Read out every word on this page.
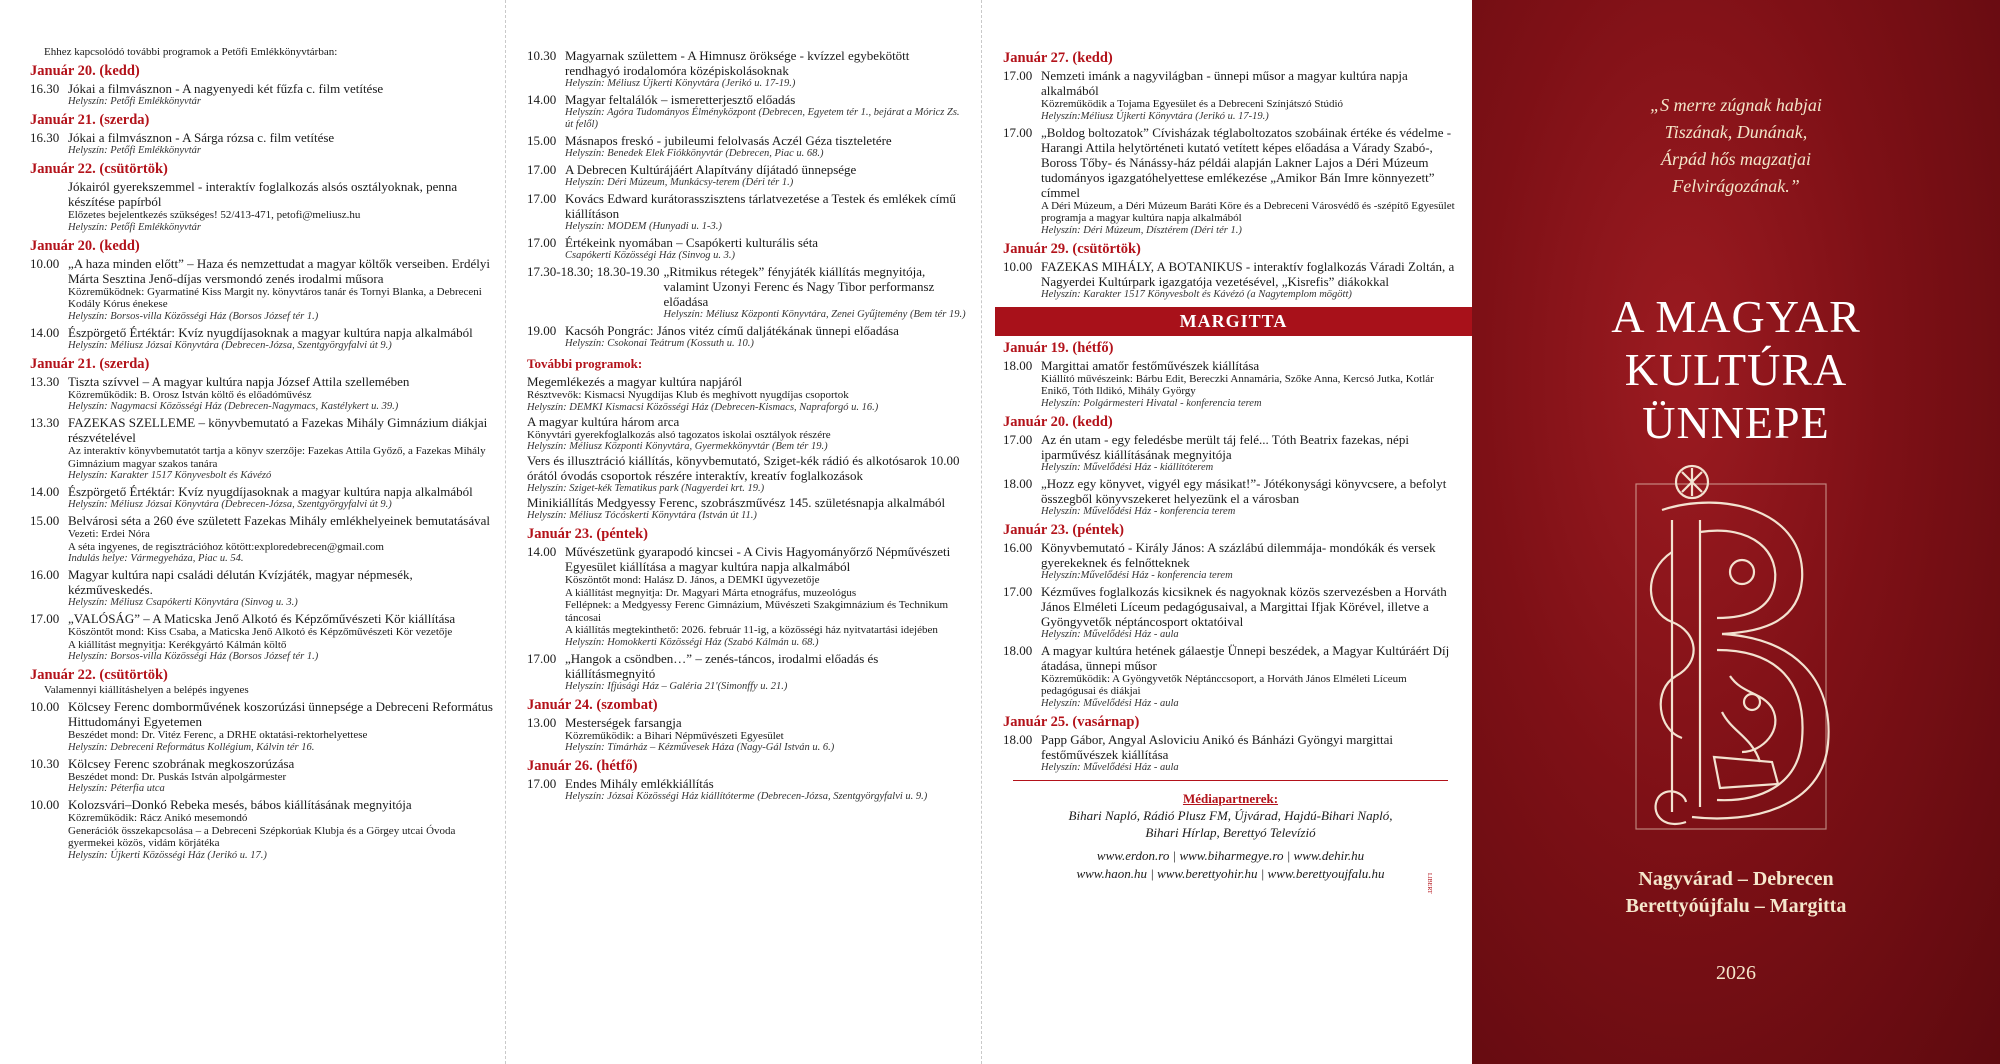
Ehhez kapcsolódó további programok a Petőfi Emlékkönyvtárban:
Január 20. (kedd)
16.30 Jókai a filmvásznon - A nagyenyedi két fűzfa c. film vetítése
Helyszín: Petőfi Emlékkönyvtár
Január 21. (szerda)
16.30 Jókai a filmvásznon - A Sárga rózsa c. film vetítése
Helyszín: Petőfi Emlékkönyvtár
Január 22. (csütörtök)
Jókairól gyerekszemmel - interaktív foglalkozás alsós osztályoknak, penna készítése papírból
Előzetes bejelentkezés szükséges! 52/413-471, petofi@meliusz.hu
Helyszín: Petőfi Emlékkönyvtár
Január 20. (kedd)
10.00 „A haza minden előtt” – Haza és nemzettudat a magyar költők verseiben. Erdélyi Márta Sesztina Jenő-díjas versmondó zenés irodalmi műsora
Közreműködnek: Gyarmatiné Kiss Margit ny. könyvtáros tanár és Tornyi Blanka, a Debreceni Kodály Kórus énekese
Helyszín: Borsos-villa Közösségi Ház (Borsos József tér 1.)
14.00 Észpörgető Értéktár: Kvíz nyugdíjasoknak a magyar kultúra napja alkalmából
Helyszín: Méliusz Józsai Könyvtára (Debrecen-Józsa, Szentgyörgyfalvi út 9.)
Január 21. (szerda)
13.30 Tiszta szívvel – A magyar kultúra napja József Attila szellemében
Közreműködik: B. Orosz István költő és előadóművész
Helyszín: Nagymacsi Közösségi Ház (Debrecen-Nagymacs, Kastélykert u. 39.)
13.30 FAZEKAS SZELLEME – könyvbemutató a Fazekas Mihály Gimnázium diákjai részvételével
Az interaktív könyvbemutatót tartja a könyv szerzője: Fazekas Attila Győző, a Fazekas Mihály Gimnázium magyar szakos tanára
Helyszín: Karakter 1517 Könyvesbolt és Kávézó
14.00 Észpörgető Értéktár: Kvíz nyugdíjasoknak a magyar kultúra napja alkalmából
Helyszín: Méliusz Józsai Könyvtára (Debrecen-Józsa, Szentgyörgyfalvi út 9.)
15.00 Belvárosi séta a 260 éve született Fazekas Mihály emlékhelyeinek bemutatásával
Vezeti: Erdei Nóra
A séta ingyenes, de regisztrációhoz kötött:exploredebrecen@gmail.com
Indulás helye: Vármegyeháza, Piac u. 54.
16.00 Magyar kultúra napi családi délután Kvízjáték, magyar népmesék, kézműveskedés.
Helyszín: Méliusz Csapókerti Könyvtára (Sinvog u. 3.)
17.00 „VALÓSÁG” – A Maticska Jenő Alkotó és Képzőművészeti Kör kiállítása
Köszöntőt mond: Kiss Csaba, a Maticska Jenő Alkotó és Képzőművészeti Kör vezetője
A kiállítást megnyitja: Kerékgyártó Kálmán költő
Helyszín: Borsos-villa Közösségi Ház (Borsos József tér 1.)
Január 22. (csütörtök)
Valamennyi kiállításhelyen a belépés ingyenes
10.00 Kölcsey Ferenc domborművének koszorúzási ünnepsége a Debreceni Református Hittudományi Egyetemen
Beszédet mond: Dr. Vitéz Ferenc, a DRHE oktatási-rektorhelyettese
Helyszín: Debreceni Református Kollégium, Kálvin tér 16.
10.30 Kölcsey Ferenc szobrának megkoszorúzása
Beszédet mond: Dr. Puskás István alpolgármester
Helyszín: Péterfia utca
10.00 Kolozsvári–Donkó Rebeka mesés, bábos kiállításának megnyitója
Közreműködik: Rácz Anikó mesemondó
Generációk összekapcsolása – a Debreceni Szépkorúak Klubja és a Görgey utcai Óvoda gyermekei közös, vidám körjátéka
Helyszín: Újkerti Közösségi Ház (Jerikó u. 17.)
10.30 Magyarnak születtem - A Himnusz öröksége - kvízzel egybekötött rendhagyó irodalomóra középiskolásoknak
Helyszín: Méliusz Újkerti Könyvtára (Jerikó u. 17-19.)
14.00 Magyar feltalálók – ismeretterjesztő előadás
Helyszín: Agóra Tudományos Élményközpont (Debrecen, Egyetem tér 1., bejárat a Móricz Zs. út felől)
15.00 Másnapos freskó - jubileumi felolvasás Aczél Géza tiszteletére
Helyszín: Benedek Elek Fiókkönyvtár (Debrecen, Piac u. 68.)
17.00 A Debrecen Kultúrájáért Alapítvány díjátadó ünnepsége
Helyszín: Déri Múzeum, Munkácsy-terem (Déri tér 1.)
17.00 Kovács Edward kurátorasszisztens tárlatvezetése a Testek és emlékek című kiállításon
Helyszín: MODEM (Hunyadi u. 1-3.)
17.00 Értékeink nyomában – Csapókerti kulturális séta
Csapókerti Közösségi Ház (Sinvog u. 3.)
17.30-18.30; 18.30-19.30 „Ritmikus rétegek” fényjáték kiállítás megnyitója, valamint Uzonyi Ferenc és Nagy Tibor performansz előadása
Helyszín: Méliusz Központi Könyvtára, Zenei Gyűjtemény (Bem tér 19.)
19.00 Kacsóh Pongrác: János vitéz című daljátékának ünnepi előadása
Helyszín: Csokonai Teátrum (Kossuth u. 10.)
További programok:
Megemlékezés a magyar kultúra napjáról
Résztvevők: Kismacsi Nyugdíjas Klub és meghívott nyugdíjas csoportok
Helyszín: DEMKI Kismacsi Közösségi Ház (Debrecen-Kismacs, Napraforgó u. 16.)
A magyar kultúra három arca
Könyvtári gyerekfoglalkozás alsó tagozatos iskolai osztályok részére
Helyszín: Méliusz Központi Könyvtára, Gyermekkönyvtár (Bem tér 19.)
Vers és illusztráció kiállítás, könyvbemutató, Sziget-kék rádió és alkotósarok 10.00 órától óvodás csoportok részére interaktív, kreatív foglalkozások
Helyszín: Sziget-kék Tematikus park (Nagyerdei krt. 19.)
Minikiállítás Medgyessy Ferenc, szobrászművész 145. születésnapja alkalmából
Helyszín: Méliusz Tócóskerti Könyvtára (István út 11.)
Január 23. (péntek)
14.00 Művészetünk gyarapodó kincsei - A Civis Hagyományőrző Népművészeti Egyesület kiállítása a magyar kultúra napja alkalmából
Köszöntőt mond: Halász D. János, a DEMKI ügyvezetője
A kiállítást megnyitja: Dr. Magyari Márta etnográfus, muzeológus
Fellépnek: a Medgyessy Ferenc Gimnázium, Művészeti Szakgimnázium és Technikum táncosai
A kiállítás megtekinthető: 2026. február 11-ig, a közösségi ház nyitvatartási idejében
Helyszín: Homokkerti Közösségi Ház (Szabó Kálmán u. 68.)
17.00 „Hangok a csöndben…” – zenés-táncos, irodalmi előadás és kiállításmegnyitó
Helyszín: Ifjúsági Ház – Galéria 21'(Simonffy u. 21.)
Január 24. (szombat)
13.00 Mesterségek farsangja
Közreműködik: a Bihari Népművészeti Egyesület
Helyszín: Tímárház – Kézművesek Háza (Nagy-Gál István u. 6.)
Január 26. (hétfő)
17.00 Endes Mihály emlékkiállítás
Helyszín: Józsai Közösségi Ház kiállítóterme (Debrecen-Józsa, Szentgyörgyfalvi u. 9.)
Január 27. (kedd)
17.00 Nemzeti imánk a nagyvilágban - ünnepi műsor a magyar kultúra napja alkalmából
Közreműködik a Tojama Egyesület és a Debreceni Színjátszó Stúdió
Helyszín:Méliusz Újkerti Könyvtára (Jerikó u. 17-19.)
17.00 „Boldog boltozatok” Cívisházak téglaboltozatos szobáinak értéke és védelme - Harangi Attila helytörténeti kutató vetített képes előadása a Várady Szabó-, Boross Tőby- és Nánássy-ház példái alapján Lakner Lajos a Déri Múzeum tudományos igazgatóhelyettese emlékezése „Amikor Bán Imre könnyezett” címmel
A Déri Múzeum, a Déri Múzeum Baráti Köre és a Debreceni Városvédő és -szépítő Egyesület programja a magyar kultúra napja alkalmából
Helyszín: Déri Múzeum, Dísztérem (Déri tér 1.)
Január 29. (csütörtök)
10.00 FAZEKAS MIHÁLY, A BOTANIKUS - interaktív foglalkozás Váradi Zoltán, a Nagyerdei Kultúrpark igazgatója vezetésével, „Kisrefis” diákokkal
Helyszín: Karakter 1517 Könyvesbolt és Kávézó (a Nagytemplom mögött)
MARGITTA
Január 19. (hétfő)
18.00 Margittai amatőr festőművészek kiállítása
Kiállító művészeink: Bárbu Edit, Bereczki Annamária, Szőke Anna, Kercsó Jutka, Kotlár Enikő, Tóth Ildikó, Mihály György
Helyszín: Polgármesteri Hivatal - konferencia terem
Január 20. (kedd)
17.00 Az én utam - egy feledésbe merült táj felé... Tóth Beatrix fazekas, népi iparművész kiállításának megnyitója
Helyszín: Művelődési Ház - kiállítóterem
18.00 „Hozz egy könyvet, vigyél egy másikat!”- Jótékonysági könyvcsere, a befolyt összegből könyvszekeret helyezünk el a városban
Helyszín: Művelődési Ház - konferencia terem
Január 23. (péntek)
16.00 Könyvbemutató - Király János: A százlábú dilemmája- mondókák és versek gyerekeknek és felnőtteknek
Helyszín:Művelődési Ház - konferencia terem
17.00 Kézműves foglalkozás kicsiknek és nagyoknak közös szervezésben a Horváth János Elméleti Líceum pedagógusaival, a Margittai Ifjak Körével, illetve a Gyöngyvetők néptáncosport oktatóival
Helyszín: Művelődési Ház - aula
18.00 A magyar kultúra hetének gálaestje Ünnepi beszédek, a Magyar Kultúráért Díj átadása, ünnepi műsor
Közreműködik: A Gyöngyvetők Néptánccsoport, a Horváth János Elméleti Líceum pedagógusai és diákjai
Helyszín: Művelődési Ház - aula
Január 25. (vasárnap)
18.00 Papp Gábor, Angyal Asloviciu Anikó és Bánházi Gyöngyi margittai festőművészek kiállítása
Helyszín: Művelődési Ház - aula
Médiapartnerek:
Bihari Napló, Rádió Plusz FM, Újvárad, Hajdú-Bihari Napló,
Bihari Hírlap, Berettyó Televízió
www.erdon.ro | www.biharmegye.ro | www.dehir.hu
www.haon.hu | www.berettyohir.hu | www.berettyoujfalu.hu	LIBERT
„S merre zúgnak habjai
Tiszának, Dunának,
Árpád hős magzatjai
Felvirágozának.”
A MAGYAR
KULTÚRA
ÜNNEPE
Nagyvárad – Debrecen
Berettyóújfalu – Margitta
2026
